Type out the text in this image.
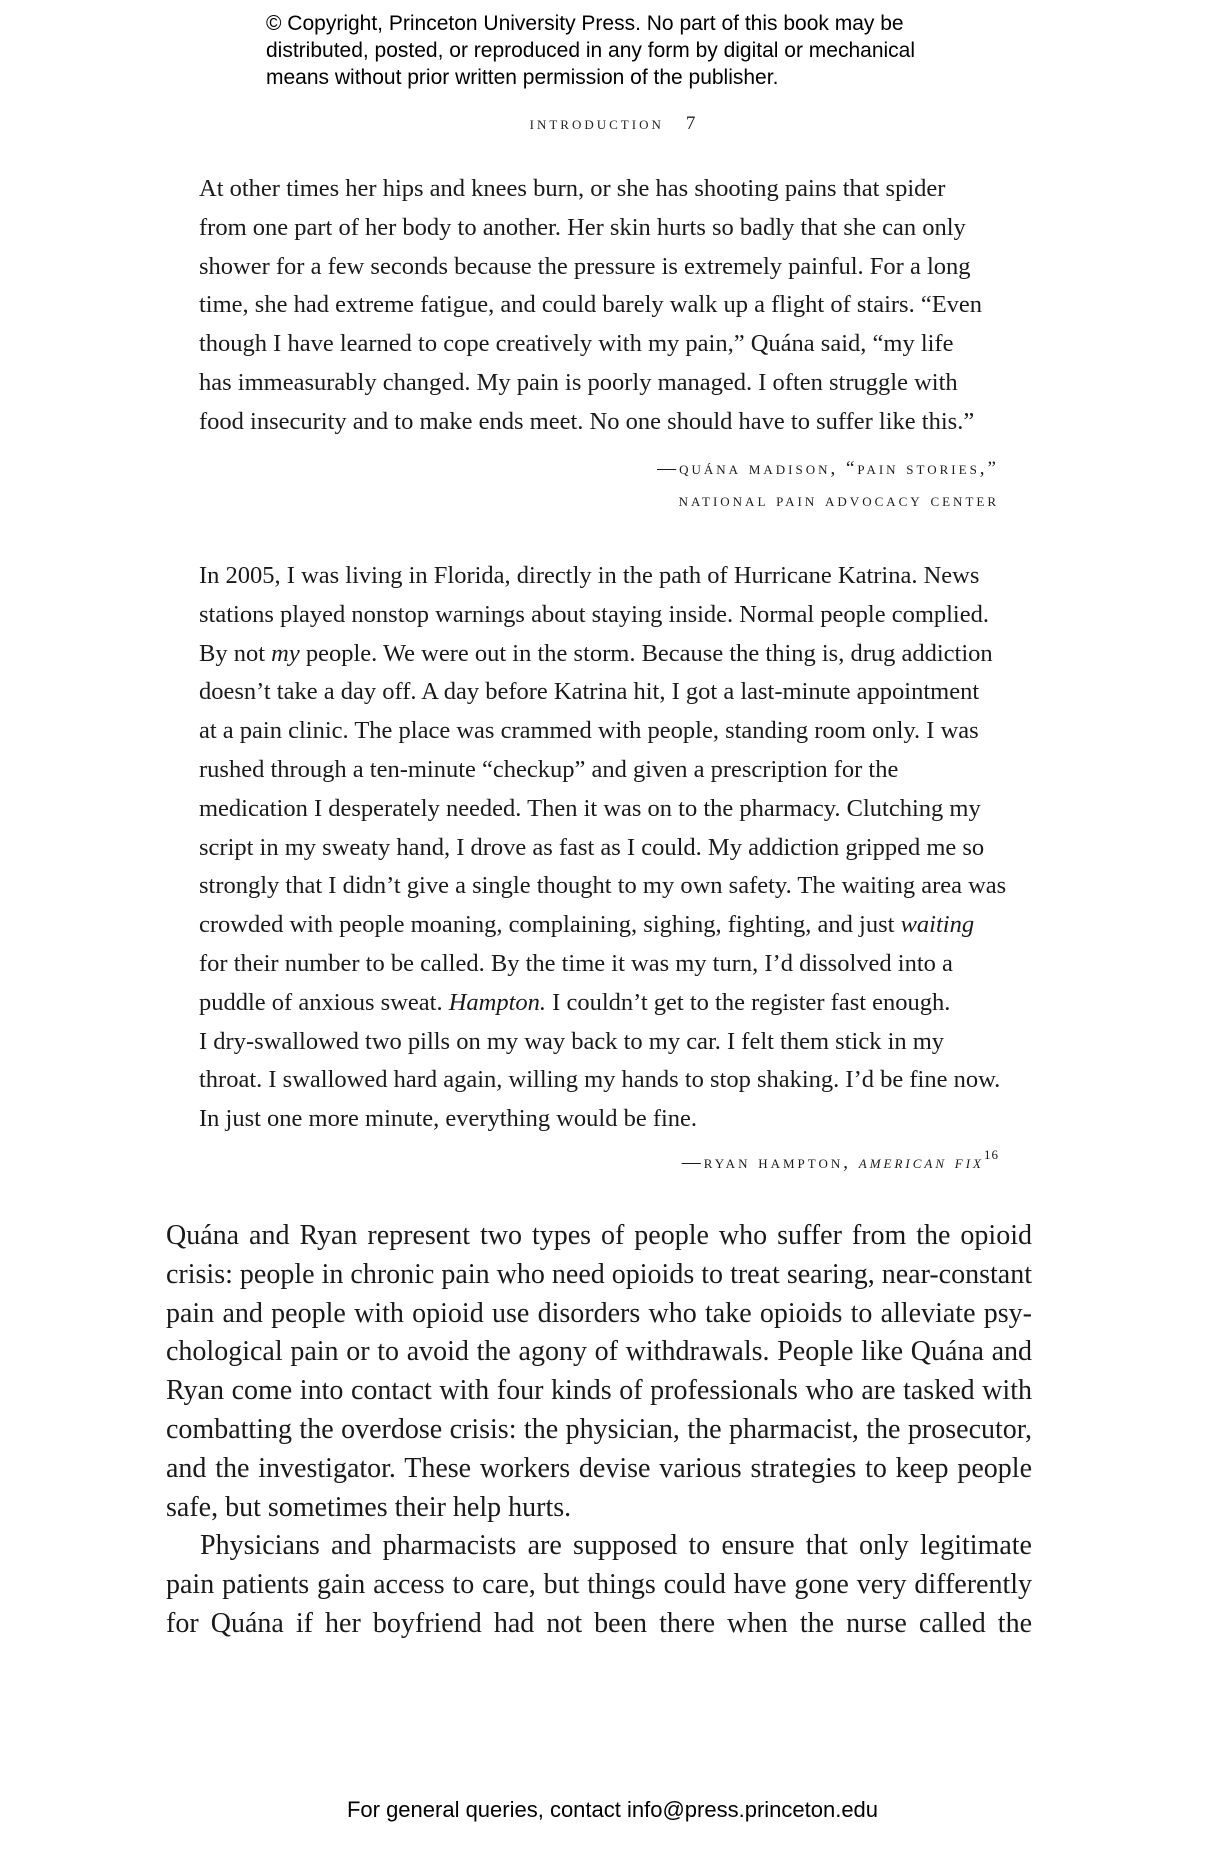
© Copyright, Princeton University Press. No part of this book may be
distributed, posted, or reproduced in any form by digital or mechanical
means without prior written permission of the publisher.
introduction 7

At other times her hips and knees burn, or she has shooting pains that spider
from one part of her body to another. Her skin hurts so badly that she can only
shower for a few seconds because the pressure is extremely painful. For a long
time, she had extreme fatigue, and could barely walk up a flight of stairs. “Even
though I have learned to cope creatively with my pain,” Quána said, “my life
has immeasurably changed. My pain is poorly managed. I often struggle with
food insecurity and to make ends meet. No one should have to suffer like this.”

—quána madison, “pain stories,”
national pain advocacy center

In 2005, I was living in Florida, directly in the path of Hurricane Katrina. News
stations played nonstop warnings about staying inside. Normal people complied.
By not my people. We were out in the storm. Because the thing is, drug addiction
doesn’t take a day off. A day before Katrina hit, I got a last-minute appointment
at a pain clinic. The place was crammed with people, standing room only. I was
rushed through a ten-minute “checkup” and given a prescription for the
medication I desperately needed. Then it was on to the pharmacy. Clutching my
script in my sweaty hand, I drove as fast as I could. My addiction gripped me so
strongly that I didn’t give a single thought to my own safety. The waiting area was
crowded with people moaning, complaining, sighing, fighting, and just waiting
for their number to be called. By the time it was my turn, I’d dissolved into a
puddle of anxious sweat. Hampton. I couldn’t get to the register fast enough.
I dry-swallowed two pills on my way back to my car. I felt them stick in my
throat. I swallowed hard again, willing my hands to stop shaking. I’d be fine now.
In just one more minute, everything would be fine.

—ryan hampton, american fix$^{16}$
Quána and Ryan represent two types of people who suffer from the opioid
crisis: people in chronic pain who need opioids to treat searing, near-constant
pain and people with opioid use disorders who take opioids to alleviate psy-
chological pain or to avoid the agony of withdrawals. People like Quána and
Ryan come into contact with four kinds of professionals who are tasked with
combatting the overdose crisis: the physician, the pharmacist, the prosecutor,
and the investigator. These workers devise various strategies to keep people
safe, but sometimes their help hurts.
Physicians and pharmacists are supposed to ensure that only legitimate
pain patients gain access to care, but things could have gone very differently
for Quána if her boyfriend had not been there when the nurse called the
For general queries, contact info@press.princeton.edu
